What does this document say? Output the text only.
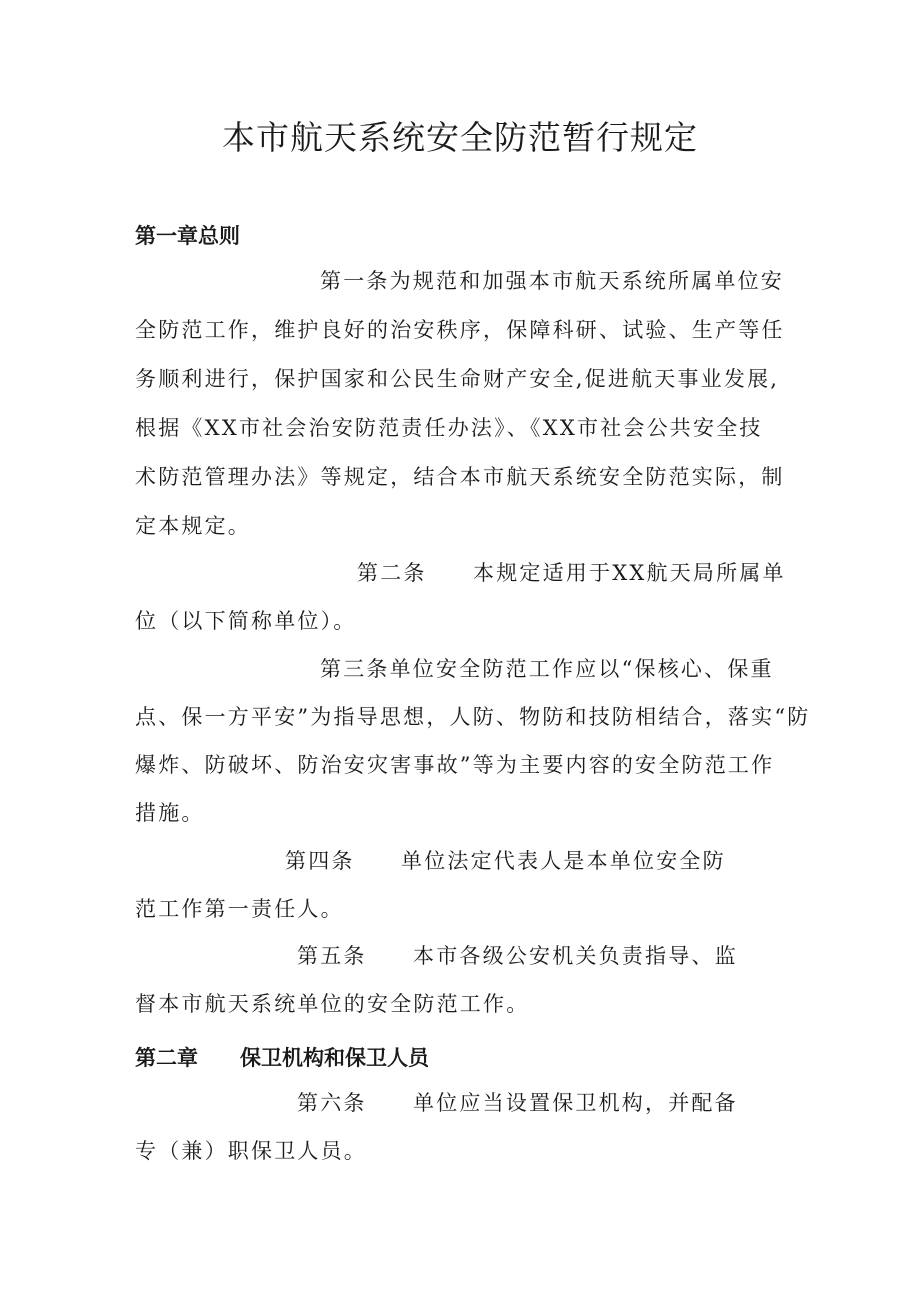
本市航天系统安全防范暂行规定
第一章总则

第一条为规范和加强本市航天系统所属单位安

全防范工作，维护良好的治安秩序，保障科研、试验、生产等任

务顺利进行，保护国家和公民生命财产安全,促进航天事业发展,

根据《XX市社会治安防范责任办法》、《XX市社会公共安全技

术防范管理办法》等规定，结合本市航天系统安全防范实际，制

定本规定。

第二条　　本规定适用于XX航天局所属单

位（以下简称单位）。

第三条单位安全防范工作应以“保核心、保重

点、保一方平安”为指导思想，人防、物防和技防相结合，落实“防

爆炸、防破坏、防治安灾害事故”等为主要内容的安全防范工作

措施。

第四条　　单位法定代表人是本单位安全防

范工作第一责任人。

第五条　　本市各级公安机关负责指导、监

督本市航天系统单位的安全防范工作。

第二章　　保卫机构和保卫人员

第六条　　单位应当设置保卫机构，并配备

专（兼）职保卫人员。
